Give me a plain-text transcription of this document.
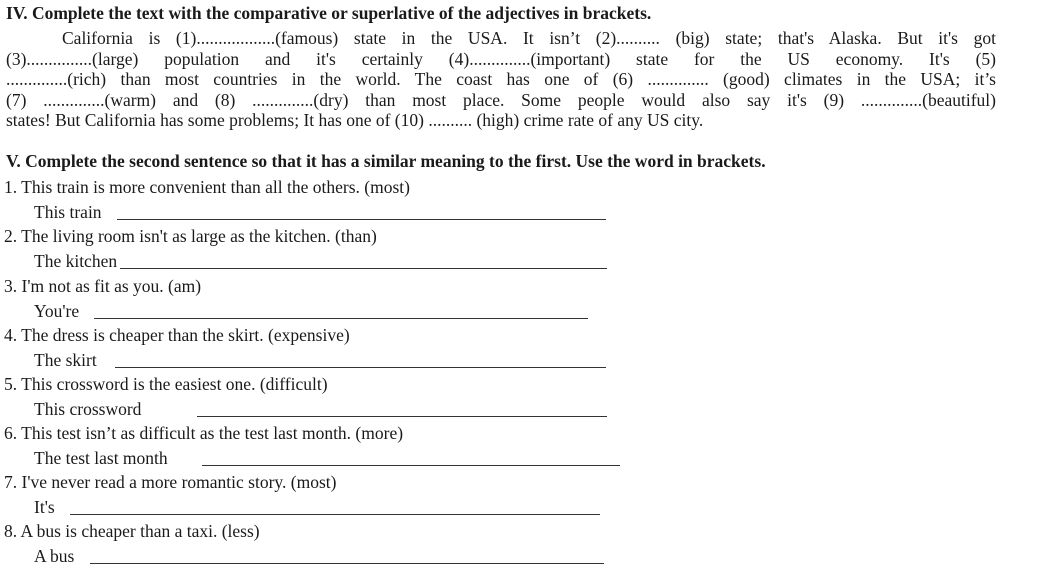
IV. Complete the text with the comparative or superlative of the adjectives in brackets.
California is (1)..................(famous) state in the USA. It isn’t (2).......... (big) state; that's Alaska. But it's got
(3)...............(large) population and it's certainly (4)..............(important) state for the US economy. It's (5)
..............(rich) than most countries in the world. The coast has one of (6) .............. (good) climates in the USA; it’s
(7) ..............(warm) and (8) ..............(dry) than most place. Some people would also say it's (9) ..............(beautiful)
states! But California has some problems; It has one of (10) .......... (high) crime rate of any US city.
V. Complete the second sentence so that it has a similar meaning to the first. Use the word in brackets.
1. This train is more convenient than all the others. (most)
This train
2. The living room isn't as large as the kitchen. (than)
The kitchen
3. I'm not as fit as you. (am)
You're
4. The dress is cheaper than the skirt. (expensive)
The skirt
5. This crossword is the easiest one. (difficult)
This crossword
6. This test isn’t as difficult as the test last month. (more)
The test last month
7. I've never read a more romantic story. (most)
It's
8. A bus is cheaper than a taxi. (less)
A bus
